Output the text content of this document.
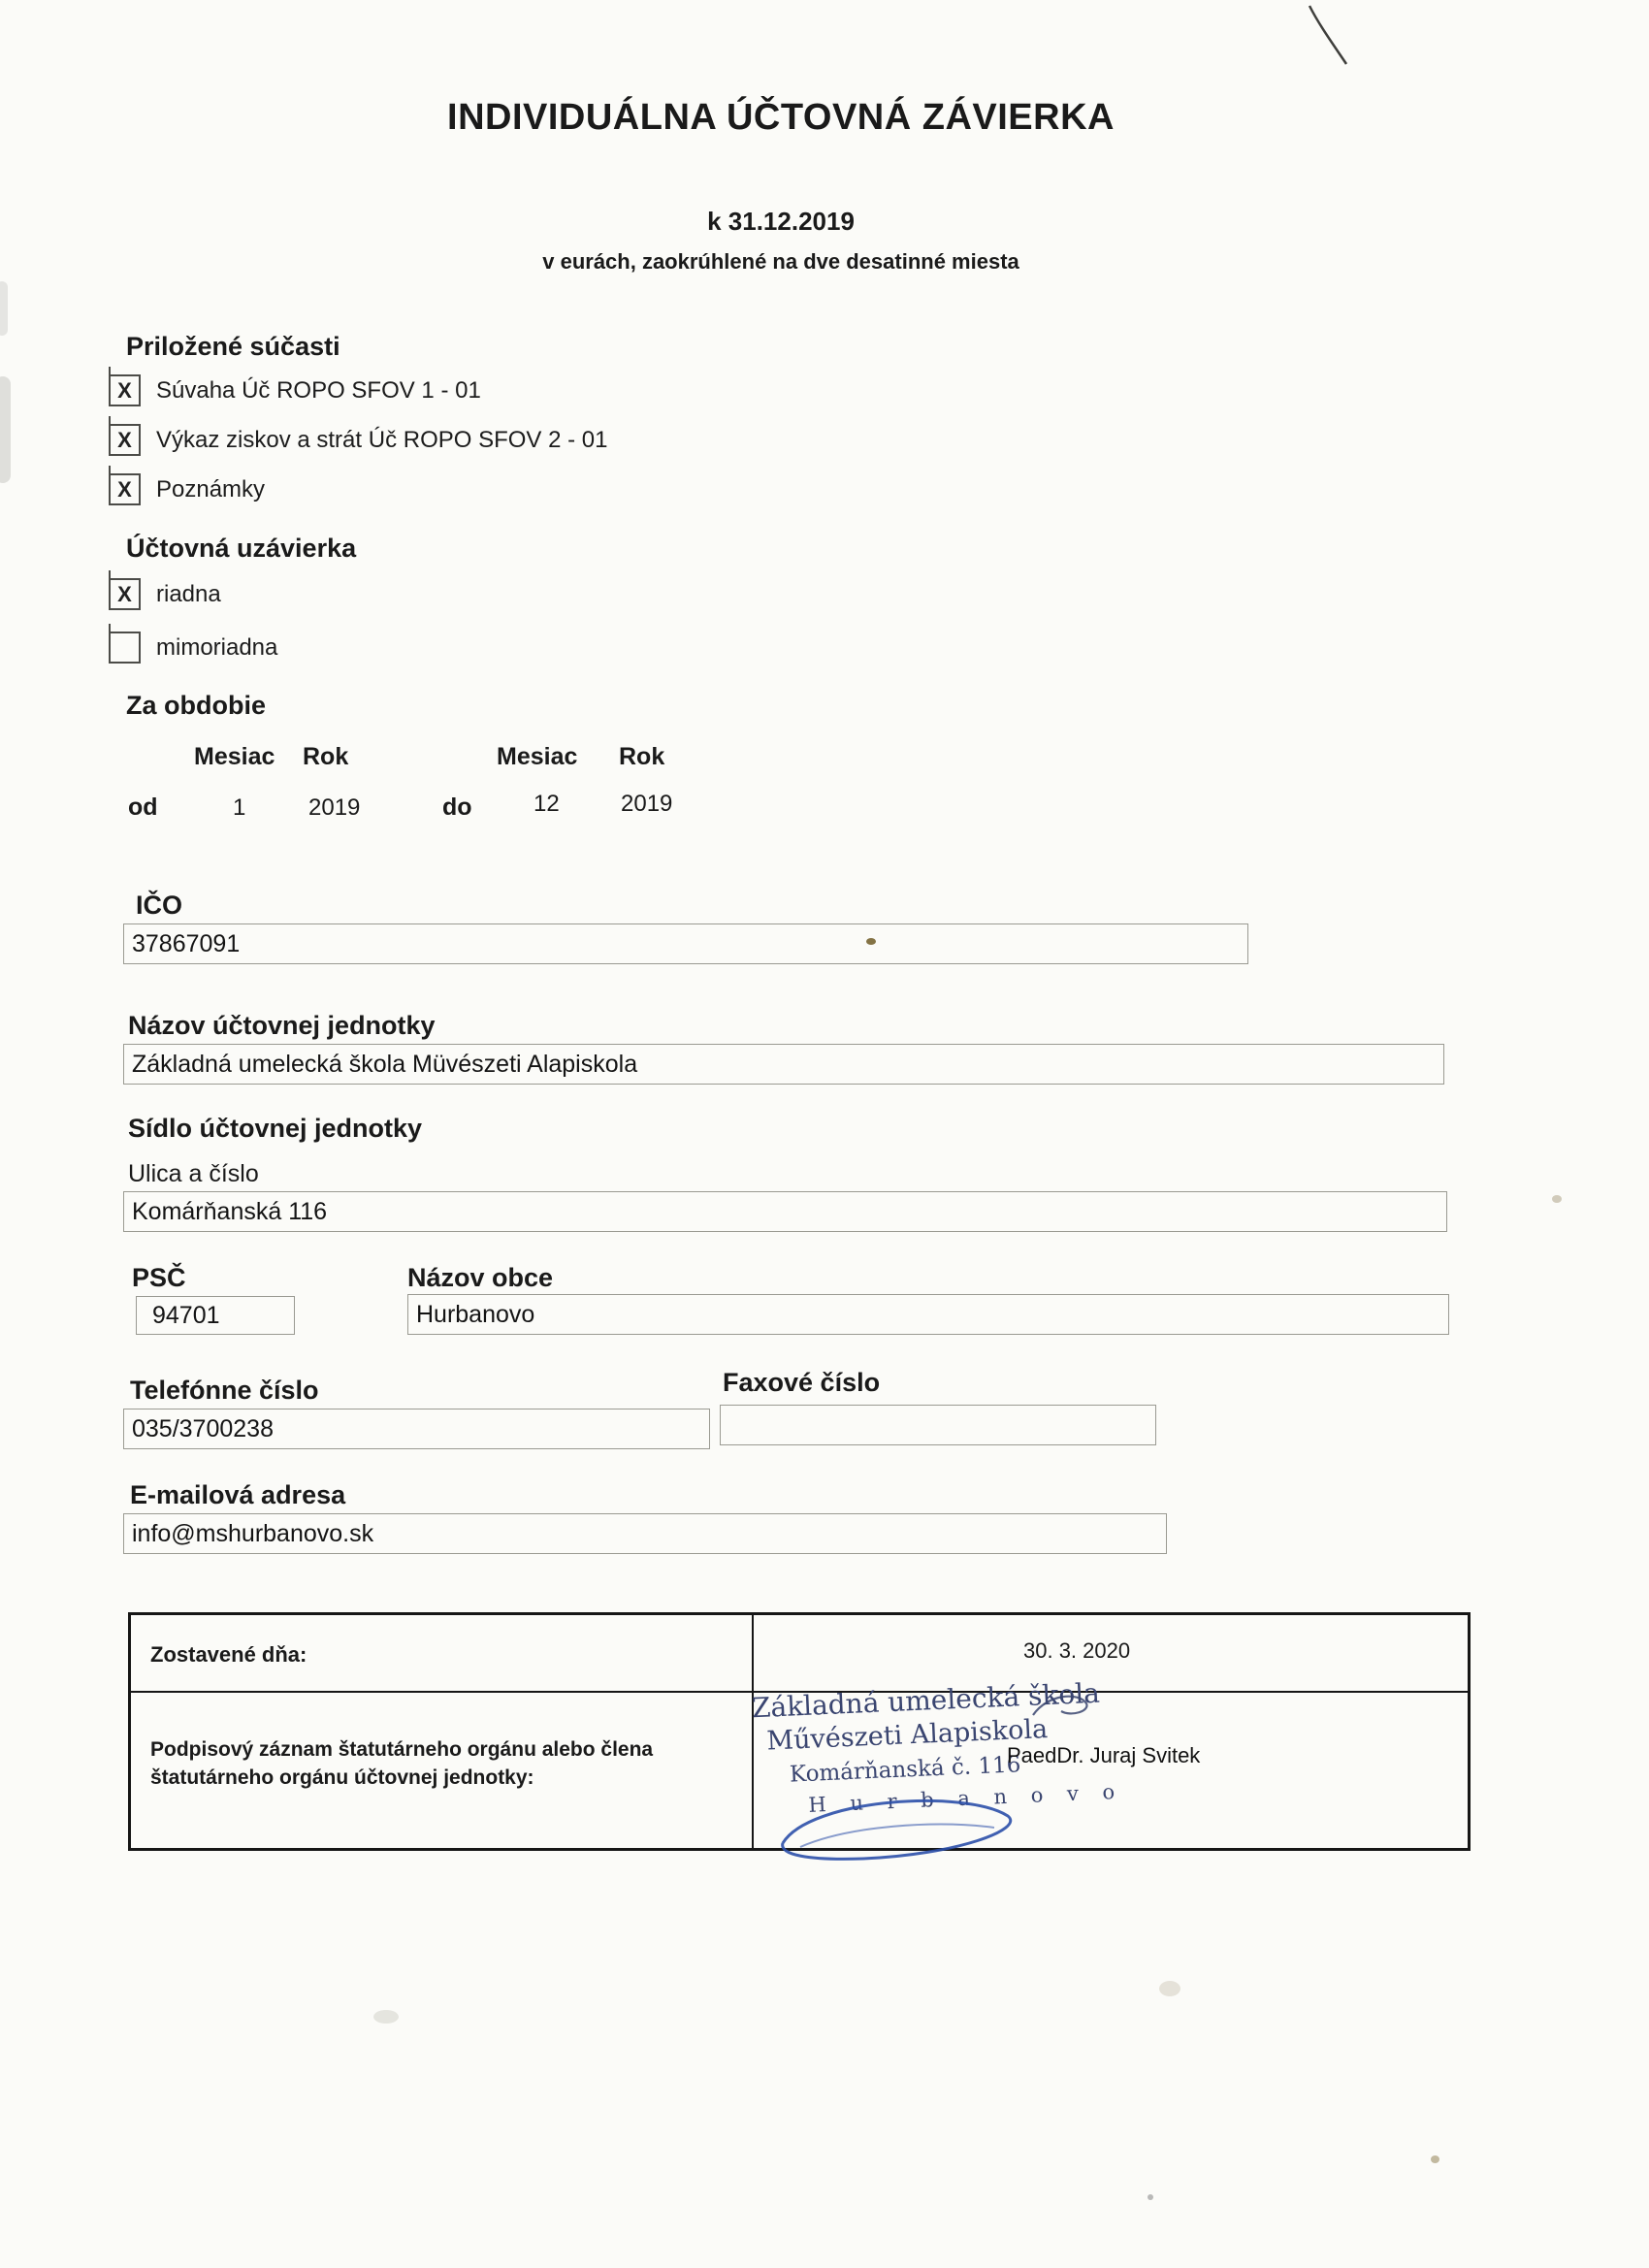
INDIVIDUÁLNA ÚČTOVNÁ ZÁVIERKA
k 31.12.2019
v eurách, zaokrúhlené na dve desatinné miesta
Priložené súčasti
X Súvaha Úč ROPO SFOV 1 - 01
X Výkaz ziskov a strát Úč ROPO SFOV 2 - 01
X Poznámky
Účtovná uzávierka
X riadna
mimoriadna
Za obdobie
Mesiac Rok	Mesiac Rok
od	1	2019	do	12	2019
IČO
37867091
Názov účtovnej jednotky
Základná umelecká škola Müvészeti Alapiskola
Sídlo účtovnej jednotky
Ulica a číslo
Komárňanská 116
PSČ	Názov obce
94701	Hurbanovo
Telefónne číslo	Faxové číslo
035/3700238
E-mailová adresa
info@mshurbanovo.sk
Zostavené dňa:	30. 3. 2020
Podpisový záznam štatutárneho orgánu alebo člena štatutárneho orgánu účtovnej jednotky:
Základná umelecká škola
Művészeti Alapiskola
Komárňanská č. 116
H u r b a n o v o
PaedDr. Juraj Svitek
